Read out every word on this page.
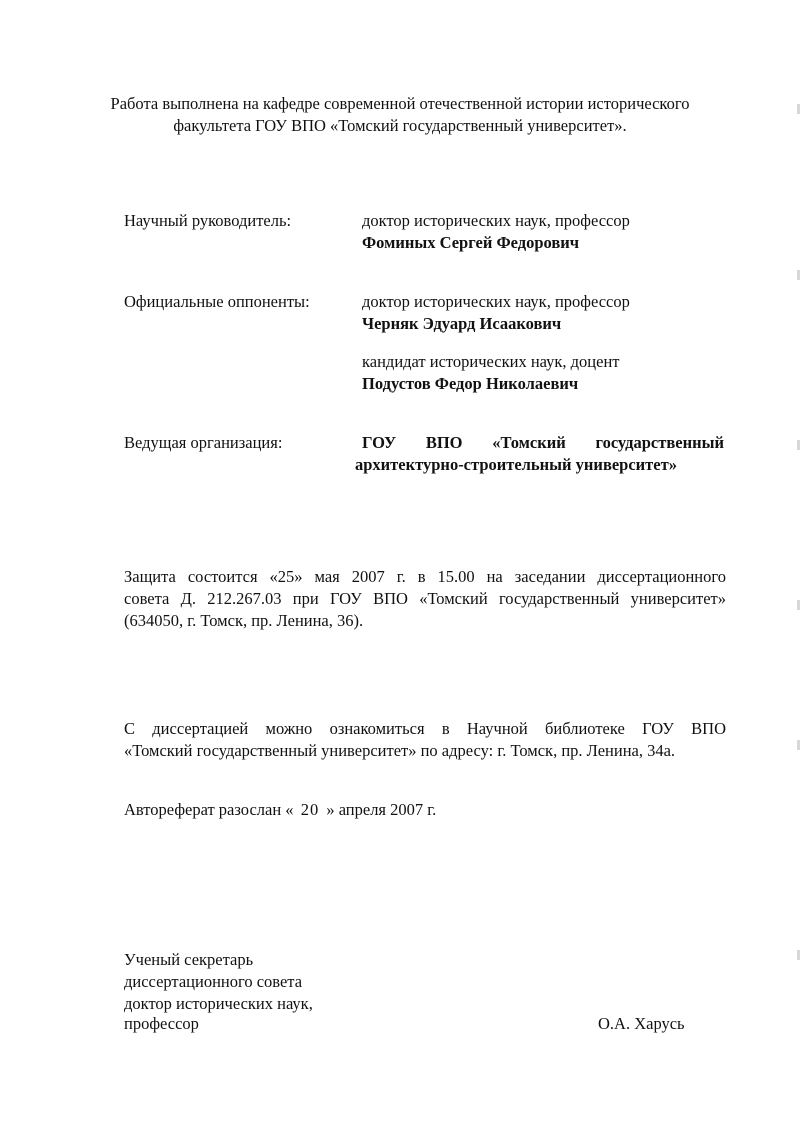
Работа выполнена на кафедре современной отечественной истории исторического
факультета ГОУ ВПО «Томский государственный университет».
Научный руководитель:	доктор исторических наук, профессор
Фоминых Сергей Федорович
Официальные оппоненты:	доктор исторических наук, профессор
Черняк Эдуард Исаакович
кандидат исторических наук, доцент
Подустов Федор Николаевич
Ведущая организация:	ГОУ ВПО «Томский государственный
архитектурно-строительный университет»
Защита состоится «25» мая 2007 г. в 15.00 на заседании диссертационного
совета Д. 212.267.03 при ГОУ ВПО «Томский государственный университет»
(634050, г. Томск, пр. Ленина, 36).
С диссертацией можно ознакомиться в Научной библиотеке ГОУ ВПО
«Томский государственный университет» по адресу: г. Томск, пр. Ленина, 34а.
Автореферат разослан « 20 » апреля 2007 г.
Ученый секретарь
диссертационного совета
доктор исторических наук,
профессор	О.А. Харусь
